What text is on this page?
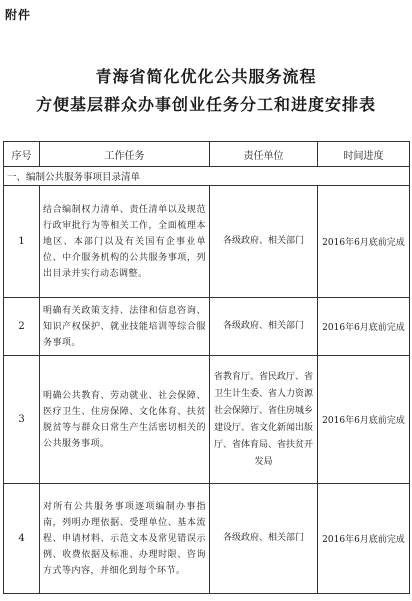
附件
青海省简化优化公共服务流程
方便基层群众办事创业任务分工和进度安排表
序号	工作任务	责任单位	时间进度
一、编制公共服务事项目录清单			
1	结合编制权力清单、责任清单以及规范行政审批行为等相关工作，全面梳理本地区、本部门以及有关国有企事业单位、中介服务机构的公共服务事项，列出目录并实行动态调整。	各级政府、相关部门	2016年6月底前完成
2	明确有关政策支持、法律和信息咨询、知识产权保护、就业技能培训等综合服务事项。	各级政府、相关部门	2016年6月底前完成
3	明确公共教育、劳动就业、社会保障、医疗卫生、住房保障、文化体育、扶贫脱贫等与群众日常生产生活密切相关的公共服务事项。	省教育厅、省民政厅、省卫生计生委、省人力资源社会保障厅、省住房城乡建设厅、省文化新闻出版厅、省体育局、省扶贫开发局	2016年6月底前完成
4	对所有公共服务事项逐项编制办事指南，列明办理依据、受理单位、基本流程、申请材料、示范文本及常见错误示例、收费依据及标准、办理时限、咨询方式等内容，并细化到每个环节。	各级政府、相关部门	2016年6月底前完成
